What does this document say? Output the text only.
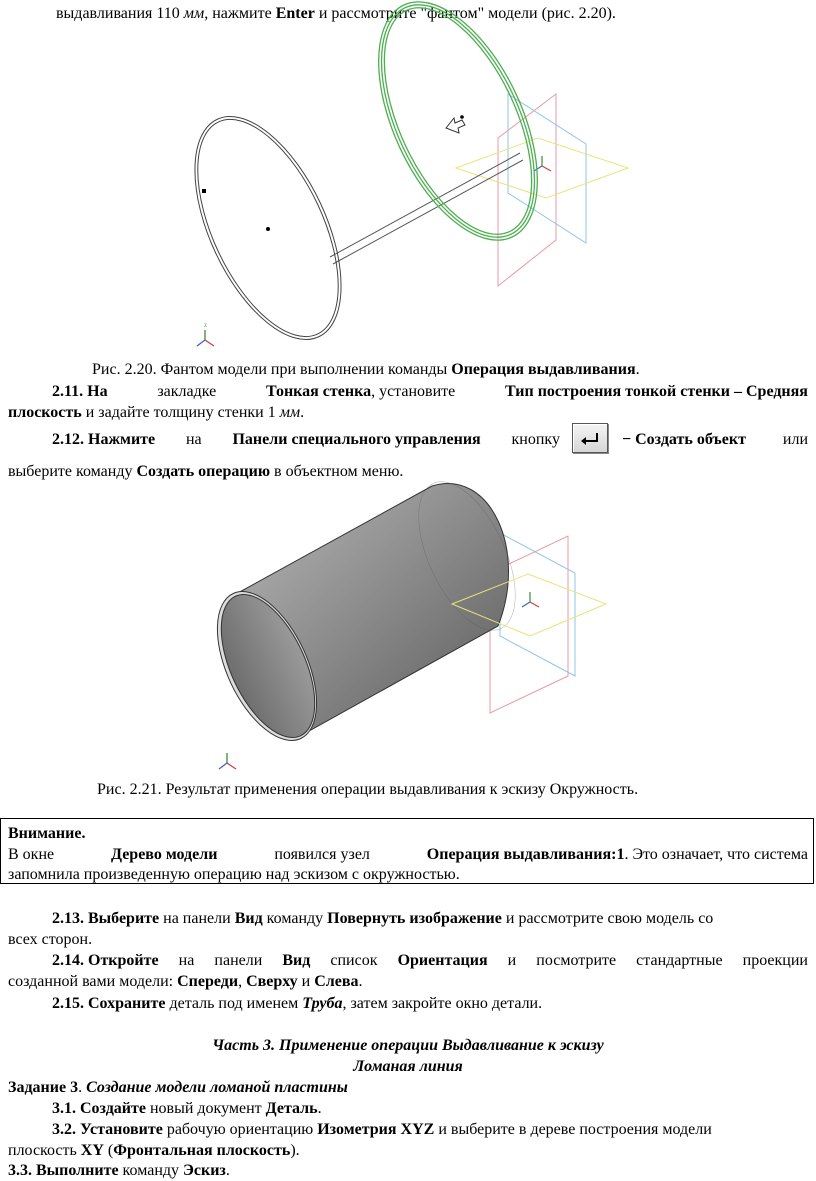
выдавливания 110 мм, нажмите Enter и рассмотрите "фантом" модели (рис. 2.20).
Z
Рис. 2.20. Фантом модели при выполнении команды Операция выдавливания.
2.11. На	закладке	Тонкая стенка, установите	Тип построения тонкой стенки – Средняя
плоскость и задайте толщину стенки 1 мм.
2.12. Нажмите на Панели специального управления кнопку	− Создать объект или
выберите команду Создать операцию в объектном меню.
Рис. 2.21. Результат применения операции выдавливания к эскизу Окружность.
Внимание.
В окне	Дерево модели	появился узел	Операция выдавливания:1. Это означает, что система
запомнила произведенную операцию над эскизом с окружностью.
2.13. Выберите на панели Вид команду Повернуть изображение и рассмотрите свою модель со
всех сторон.
2.14. Откройте на панели Вид список Ориентация и посмотрите стандартные проекции
созданной вами модели: Спереди, Сверху и Слева.
2.15. Сохраните деталь под именем Труба, затем закройте окно детали.
Часть 3. Применение операции Выдавливание к эскизу
Ломаная линия
Задание 3. Создание модели ломаной пластины
3.1. Создайте новый документ Деталь.
3.2. Установите рабочую ориентацию Изометрия XYZ и выберите в дереве построения модели
плоскость XY (Фронтальная плоскость).
3.3. Выполните команду Эскиз.
